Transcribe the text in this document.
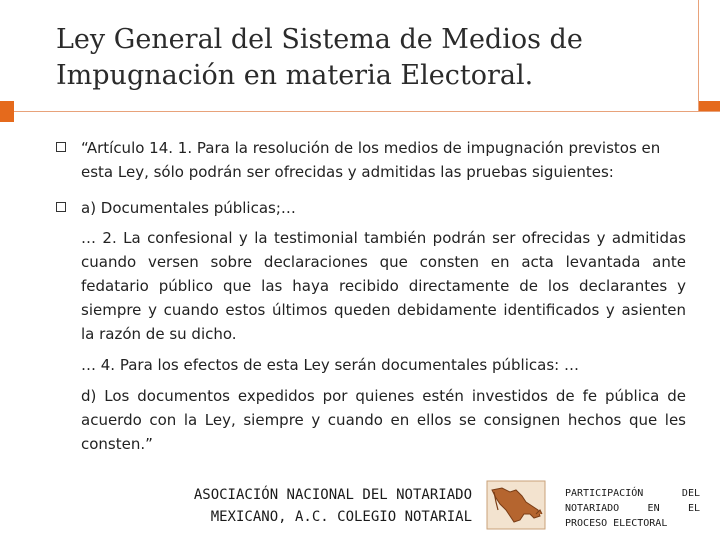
Ley General del Sistema de Medios de
Impugnación en materia Electoral.
“Artículo 14. 1. Para la resolución de los medios de impugnación previstos en esta Ley, sólo podrán ser ofrecidas y admitidas las pruebas siguientes:
a) Documentales públicas;…
… 2. La confesional y la testimonial también podrán ser ofrecidas y admitidas cuando versen sobre declaraciones que consten en acta levantada ante fedatario público que las haya recibido directamente de los declarantes y siempre y cuando estos últimos queden debidamente identificados y asienten la razón de su dicho.
… 4. Para los efectos de esta Ley serán documentales públicas: …
d) Los documentos expedidos por quienes estén investidos de fe pública de acuerdo con la Ley, siempre y cuando en ellos se consignen hechos que les consten.”
ASOCIACIÓN NACIONAL DEL NOTARIADO
MEXICANO, A.C. COLEGIO NOTARIAL
PARTICIPACIÓN DEL
NOTARIADO EN EL
PROCESO ELECTORAL
